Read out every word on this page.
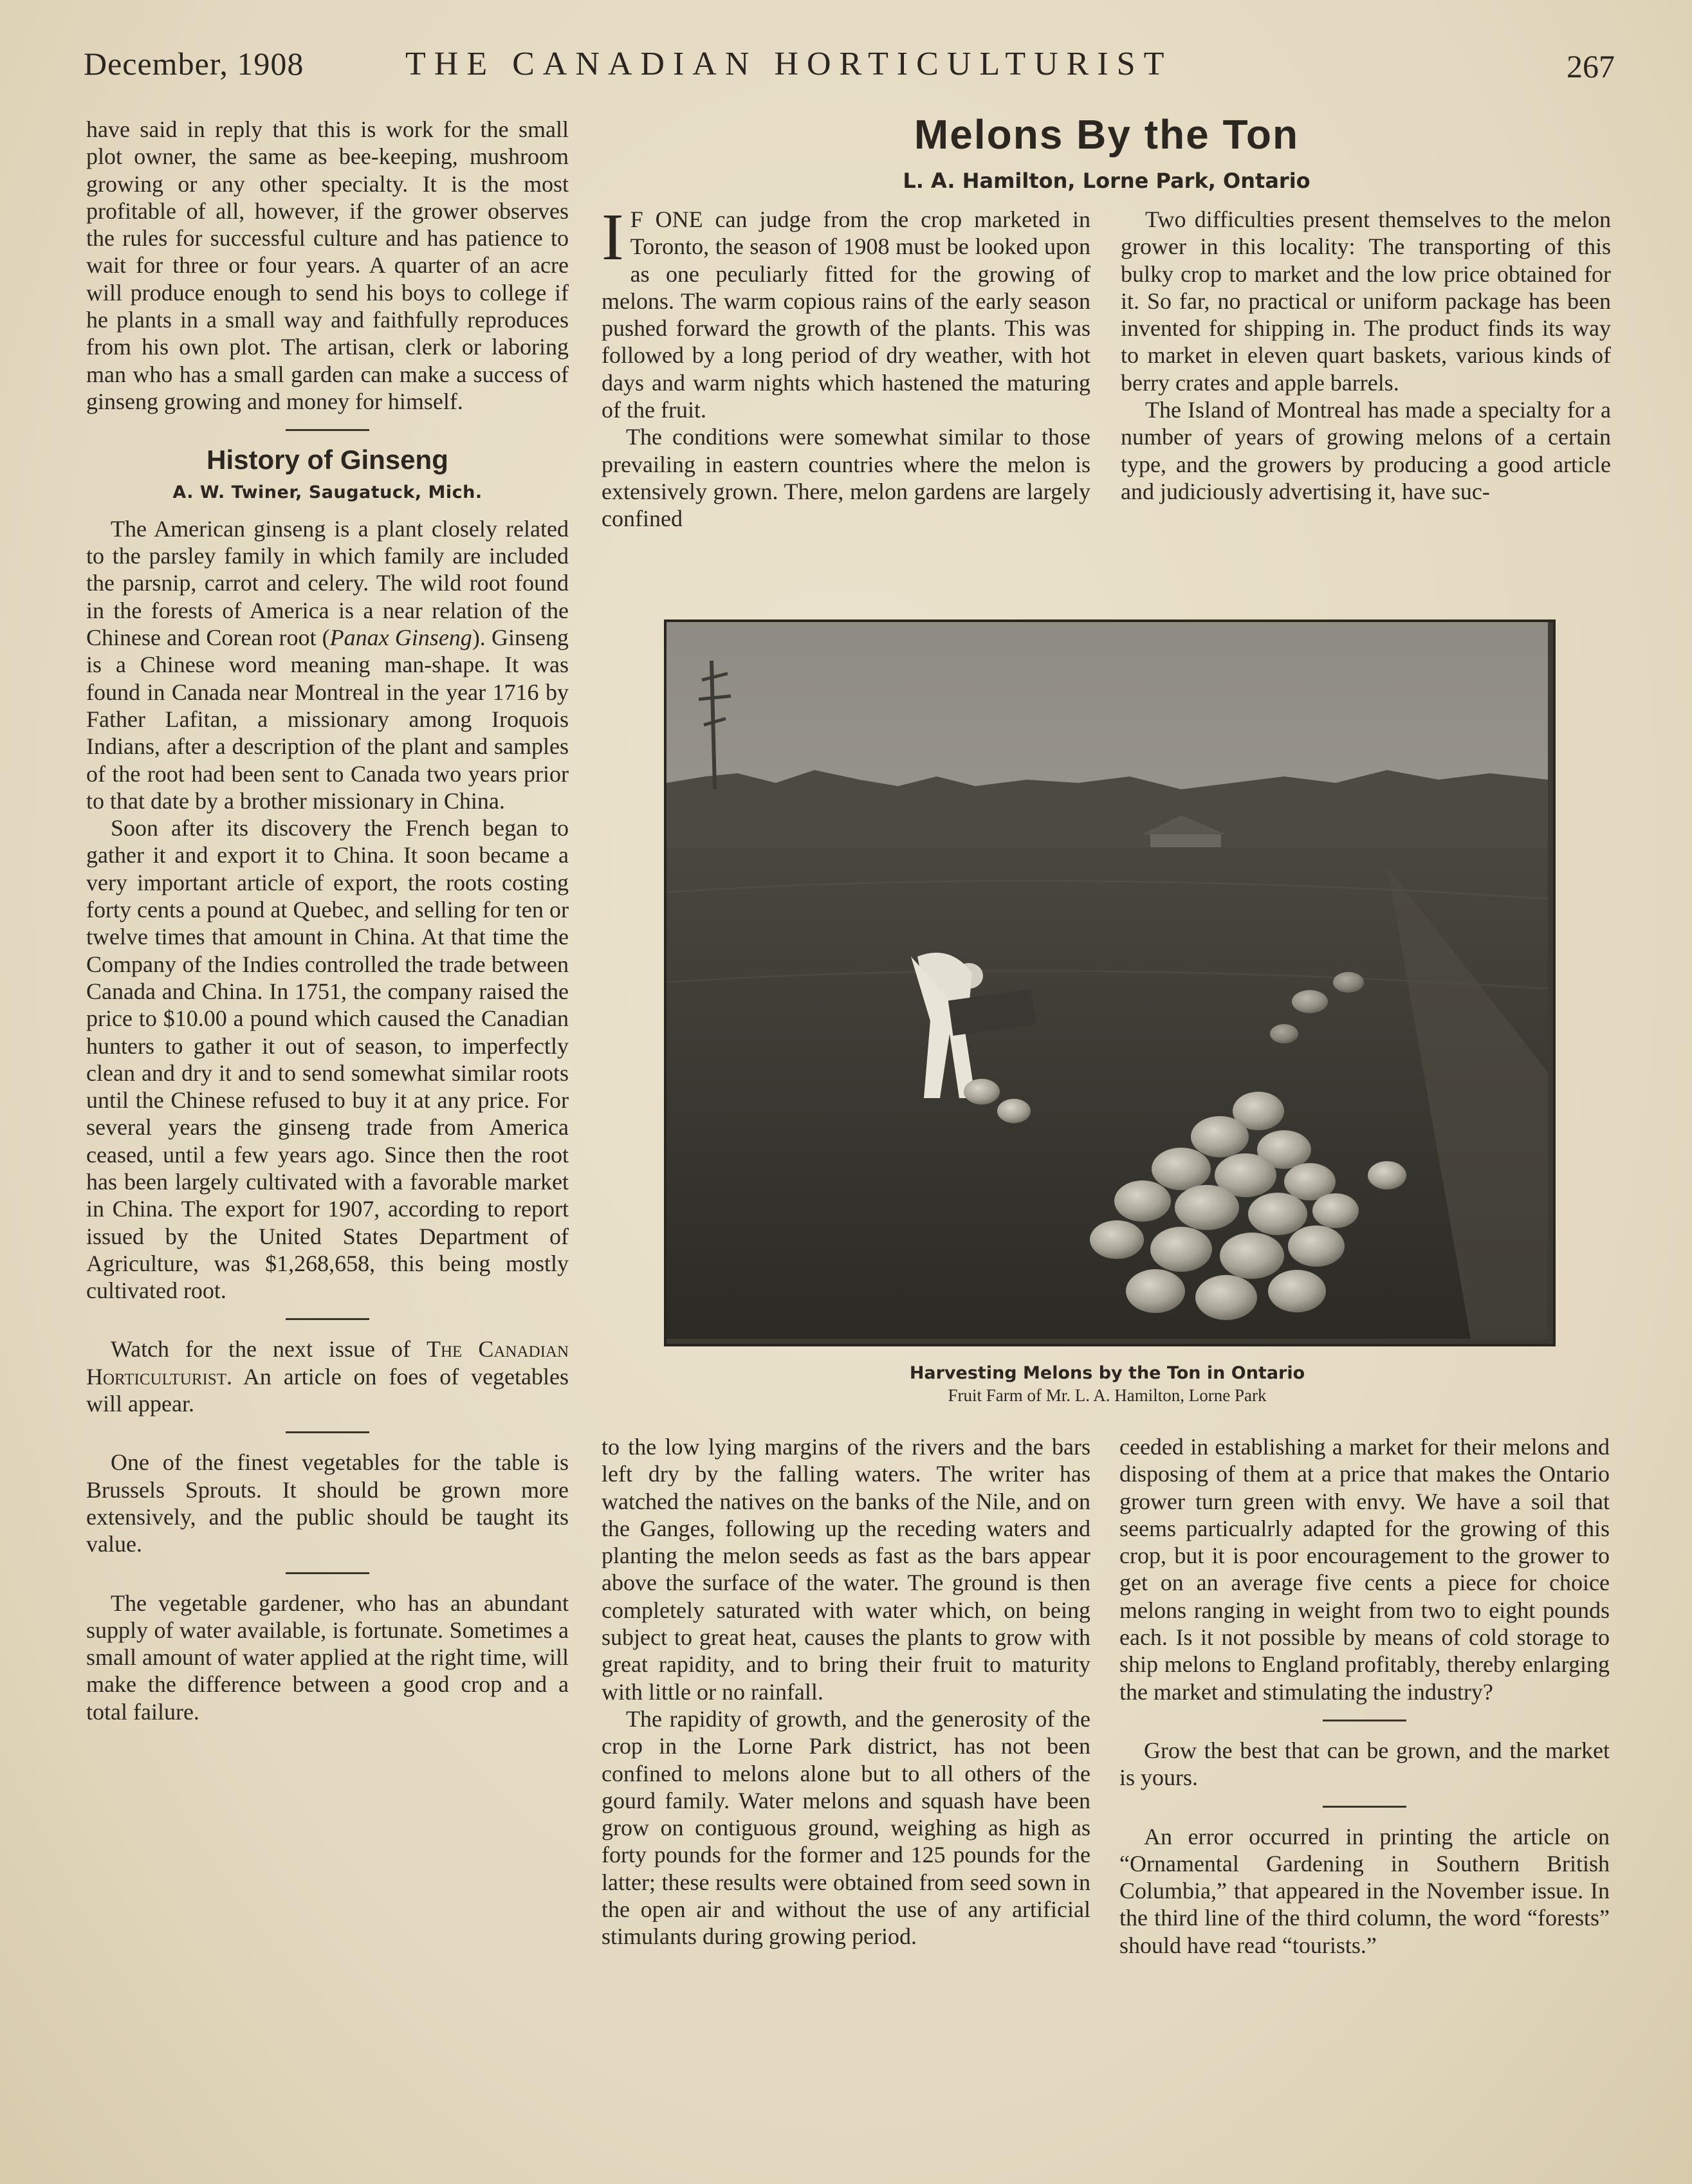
December, 1908	THE CANADIAN HORTICULTURIST	267

have said in reply that this is work for the small plot owner, the same as bee-keeping, mushroom growing or any other specialty. It is the most profitable of all, however, if the grower observes the rules for successful culture and has patience to wait for three or four years. A quarter of an acre will produce enough to send his boys to college if he plants in a small way and faithfully reproduces from his own plot. The artisan, clerk or laboring man who has a small garden can make a success of ginseng growing and money for himself.

History of Ginseng
A. W. Twiner, Saugatuck, Mich.

The American ginseng is a plant closely related to the parsley family in which family are included the parsnip, carrot and celery. The wild root found in the forests of America is a near relation of the Chinese and Corean root (Panax Ginseng). Ginseng is a Chinese word meaning man-shape. It was found in Canada near Montreal in the year 1716 by Father Lafitan, a missionary among Iroquois Indians, after a description of the plant and samples of the root had been sent to Canada two years prior to that date by a brother missionary in China.

Soon after its discovery the French began to gather it and export it to China. It soon became a very important article of export, the roots costing forty cents a pound at Quebec, and selling for ten or twelve times that amount in China. At that time the Company of the Indies controlled the trade between Canada and China. In 1751, the company raised the price to $10.00 a pound which caused the Canadian hunters to gather it out of season, to imperfectly clean and dry it and to send somewhat similar roots until the Chinese refused to buy it at any price. For several years the ginseng trade from America ceased, until a few years ago. Since then the root has been largely cultivated with a favorable market in China. The export for 1907, according to report issued by the United States Department of Agriculture, was $1,268,658, this being mostly cultivated root.

Watch for the next issue of The Canadian Horticulturist. An article on foes of vegetables will appear.

One of the finest vegetables for the table is Brussels Sprouts. It should be grown more extensively, and the public should be taught its value.

The vegetable gardener, who has an abundant supply of water available, is fortunate. Sometimes a small amount of water applied at the right time, will make the difference between a good crop and a total failure.

Melons By the Ton
L. A. Hamilton, Lorne Park, Ontario

I F ONE can judge from the crop marketed in Toronto, the season of 1908 must be looked upon as one peculiarly fitted for the growing of melons. The warm copious rains of the early season pushed forward the growth of the plants. This was followed by a long period of dry weather, with hot days and warm nights which hastened the maturing of the fruit.

The conditions were somewhat similar to those prevailing in eastern countries where the melon is extensively grown. There, melon gardens are largely confined

Two difficulties present themselves to the melon grower in this locality: The transporting of this bulky crop to market and the low price obtained for it. So far, no practical or uniform package has been invented for shipping in. The product finds its way to market in eleven quart baskets, various kinds of berry crates and apple barrels.

The Island of Montreal has made a specialty for a number of years of growing melons of a certain type, and the growers by producing a good article and judiciously advertising it, have suc-

Harvesting Melons by the Ton in Ontario
Fruit Farm of Mr. L. A. Hamilton, Lorne Park

to the low lying margins of the rivers and the bars left dry by the falling waters. The writer has watched the natives on the banks of the Nile, and on the Ganges, following up the receding waters and planting the melon seeds as fast as the bars appear above the surface of the water. The ground is then completely saturated with water which, on being subject to great heat, causes the plants to grow with great rapidity, and to bring their fruit to maturity with little or no rainfall.

The rapidity of growth, and the generosity of the crop in the Lorne Park district, has not been confined to melons alone but to all others of the gourd family. Water melons and squash have been grow on contiguous ground, weighing as high as forty pounds for the former and 125 pounds for the latter; these results were obtained from seed sown in the open air and without the use of any artificial stimulants during growing period.

ceeded in establishing a market for their melons and disposing of them at a price that makes the Ontario grower turn green with envy. We have a soil that seems particualrly adapted for the growing of this crop, but it is poor encouragement to the grower to get on an average five cents a piece for choice melons ranging in weight from two to eight pounds each. Is it not possible by means of cold storage to ship melons to England profitably, thereby enlarging the market and stimulating the industry?

Grow the best that can be grown, and the market is yours.

An error occurred in printing the article on “Ornamental Gardening in Southern British Columbia,” that appeared in the November issue. In the third line of the third column, the word “forests” should have read “tourists.”
